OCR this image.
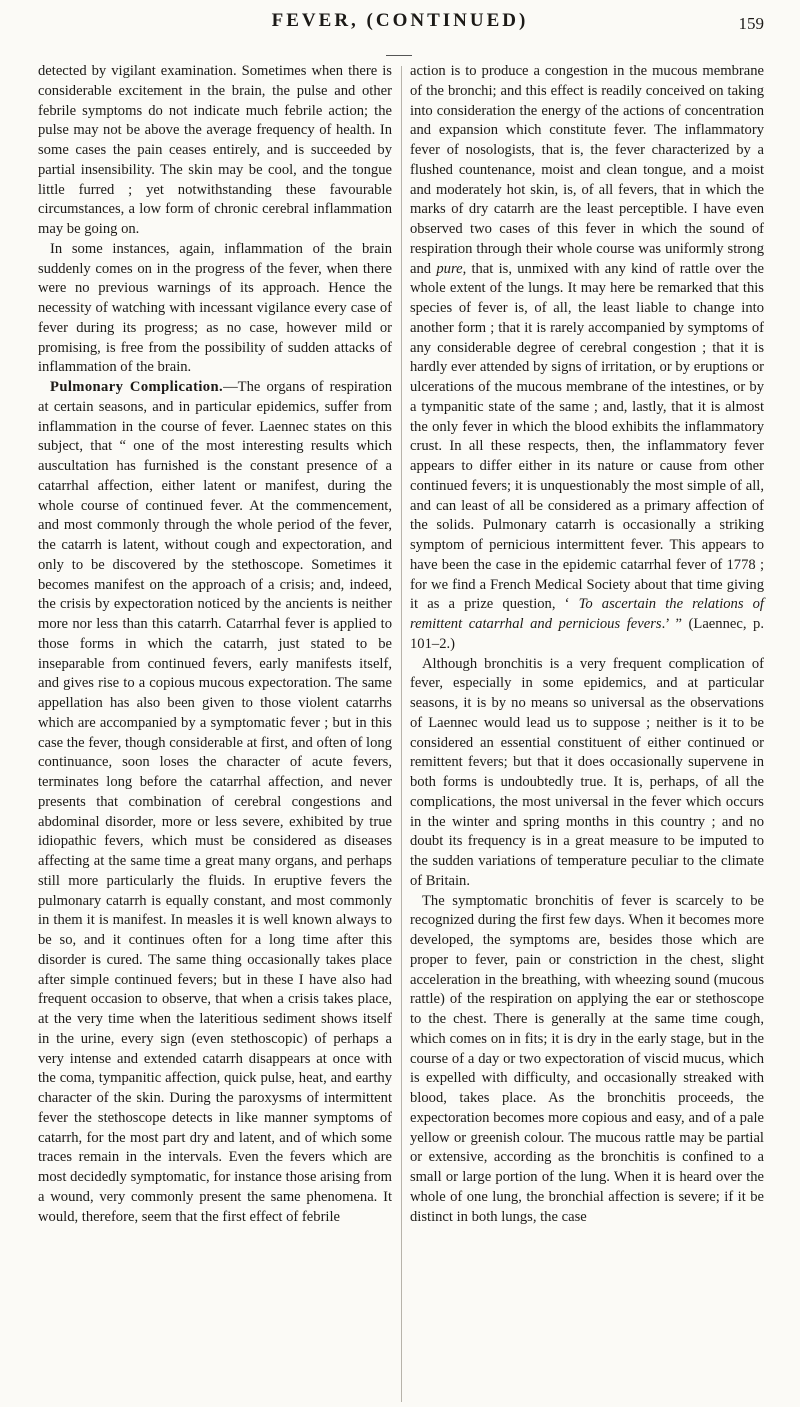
FEVER, (CONTINUED)	159

detected by vigilant examination. Sometimes when there is considerable excitement in the brain, the pulse and other febrile symptoms do not indicate much febrile action; the pulse may not be above the average frequency of health. In some cases the pain ceases entirely, and is succeeded by partial insensibility. The skin may be cool, and the tongue little furred ; yet notwithstanding these favourable circumstances, a low form of chronic cerebral inflammation may be going on.

In some instances, again, inflammation of the brain suddenly comes on in the progress of the fever, when there were no previous warnings of its approach. Hence the necessity of watching with incessant vigilance every case of fever during its progress; as no case, however mild or promising, is free from the possibility of sudden attacks of inflammation of the brain.

Pulmonary Complication.—The organs of respiration at certain seasons, and in particular epidemics, suffer from inflammation in the course of fever. Laennec states on this subject, that “ one of the most interesting results which auscultation has furnished is the constant presence of a catarrhal affection, either latent or manifest, during the whole course of continued fever. At the commencement, and most commonly through the whole period of the fever, the catarrh is latent, without cough and expectoration, and only to be discovered by the stethoscope. Sometimes it becomes manifest on the approach of a crisis; and, indeed, the crisis by expectoration noticed by the ancients is neither more nor less than this catarrh. Catarrhal fever is applied to those forms in which the catarrh, just stated to be inseparable from continued fevers, early manifests itself, and gives rise to a copious mucous expectoration. The same appellation has also been given to those violent catarrhs which are accompanied by a symptomatic fever ; but in this case the fever, though considerable at first, and often of long continuance, soon loses the character of acute fevers, terminates long before the catarrhal affection, and never presents that combination of cerebral congestions and abdominal disorder, more or less severe, exhibited by true idiopathic fevers, which must be considered as diseases affecting at the same time a great many organs, and perhaps still more particularly the fluids. In eruptive fevers the pulmonary catarrh is equally constant, and most commonly in them it is manifest. In measles it is well known always to be so, and it continues often for a long time after this disorder is cured. The same thing occasionally takes place after simple continued fevers; but in these I have also had frequent occasion to observe, that when a crisis takes place, at the very time when the lateritious sediment shows itself in the urine, every sign (even stethoscopic) of perhaps a very intense and extended catarrh disappears at once with the coma, tympanitic affection, quick pulse, heat, and earthy character of the skin. During the paroxysms of intermittent fever the stethoscope detects in like manner symptoms of catarrh, for the most part dry and latent, and of which some traces remain in the intervals. Even the fevers which are most decidedly symptomatic, for instance those arising from a wound, very commonly present the same phenomena. It would, therefore, seem that the first effect of febrile

action is to produce a congestion in the mucous membrane of the bronchi; and this effect is readily conceived on taking into consideration the energy of the actions of concentration and expansion which constitute fever. The inflammatory fever of nosologists, that is, the fever characterized by a flushed countenance, moist and clean tongue, and a moist and moderately hot skin, is, of all fevers, that in which the marks of dry catarrh are the least perceptible. I have even observed two cases of this fever in which the sound of respiration through their whole course was uniformly strong and pure, that is, unmixed with any kind of rattle over the whole extent of the lungs. It may here be remarked that this species of fever is, of all, the least liable to change into another form ; that it is rarely accompanied by symptoms of any considerable degree of cerebral congestion ; that it is hardly ever attended by signs of irritation, or by eruptions or ulcerations of the mucous membrane of the intestines, or by a tympanitic state of the same ; and, lastly, that it is almost the only fever in which the blood exhibits the inflammatory crust. In all these respects, then, the inflammatory fever appears to differ either in its nature or cause from other continued fevers; it is unquestionably the most simple of all, and can least of all be considered as a primary affection of the solids. Pulmonary catarrh is occasionally a striking symptom of pernicious intermittent fever. This appears to have been the case in the epidemic catarrhal fever of 1778 ; for we find a French Medical Society about that time giving it as a prize question, ‘ To ascertain the relations of remittent catarrhal and pernicious fevers.’ ” (Laennec, p. 101–2.)

Although bronchitis is a very frequent complication of fever, especially in some epidemics, and at particular seasons, it is by no means so universal as the observations of Laennec would lead us to suppose ; neither is it to be considered an essential constituent of either continued or remittent fevers; but that it does occasionally supervene in both forms is undoubtedly true. It is, perhaps, of all the complications, the most universal in the fever which occurs in the winter and spring months in this country ; and no doubt its frequency is in a great measure to be imputed to the sudden variations of temperature peculiar to the climate of Britain.

The symptomatic bronchitis of fever is scarcely to be recognized during the first few days. When it becomes more developed, the symptoms are, besides those which are proper to fever, pain or constriction in the chest, slight acceleration in the breathing, with wheezing sound (mucous rattle) of the respiration on applying the ear or stethoscope to the chest. There is generally at the same time cough, which comes on in fits; it is dry in the early stage, but in the course of a day or two expectoration of viscid mucus, which is expelled with difficulty, and occasionally streaked with blood, takes place. As the bronchitis proceeds, the expectoration becomes more copious and easy, and of a pale yellow or greenish colour. The mucous rattle may be partial or extensive, according as the bronchitis is confined to a small or large portion of the lung. When it is heard over the whole of one lung, the bronchial affection is severe; if it be distinct in both lungs, the case
